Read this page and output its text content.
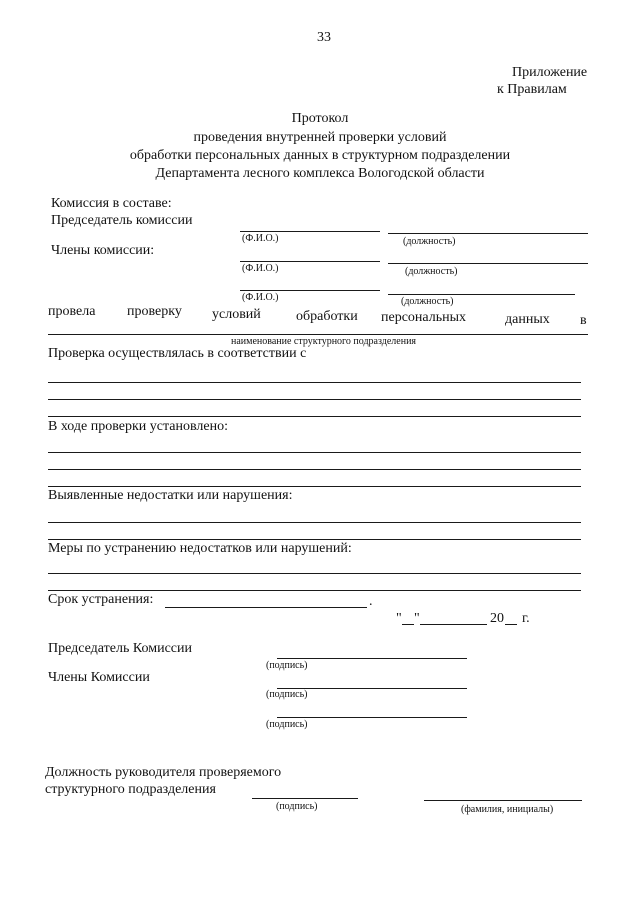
33
Приложение
к Правилам
Протокол
проведения внутренней проверки условий
обработки персональных данных в структурном подразделении
Департамента лесного комплекса Вологодской области
Комиссия в составе:
Председатель комиссии
(Ф.И.О.)	(должность)
Члены комиссии:
(Ф.И.О.)	(должность)
(Ф.И.О.)	(должность)
провела проверку условий	обработки персональных	данных в
наименование структурного подразделения
Проверка осуществлялась в соответствии с
В ходе проверки установлено:
Выявленные недостатки или нарушения:
Меры по устранению недостатков или нарушений:
Срок устранения:	.
" "	20 г.
Председатель Комиссии
(подпись)
Члены Комиссии
(подпись)
(подпись)
Должность руководителя проверяемого
структурного подразделения
(подпись)	(фамилия, инициалы)
